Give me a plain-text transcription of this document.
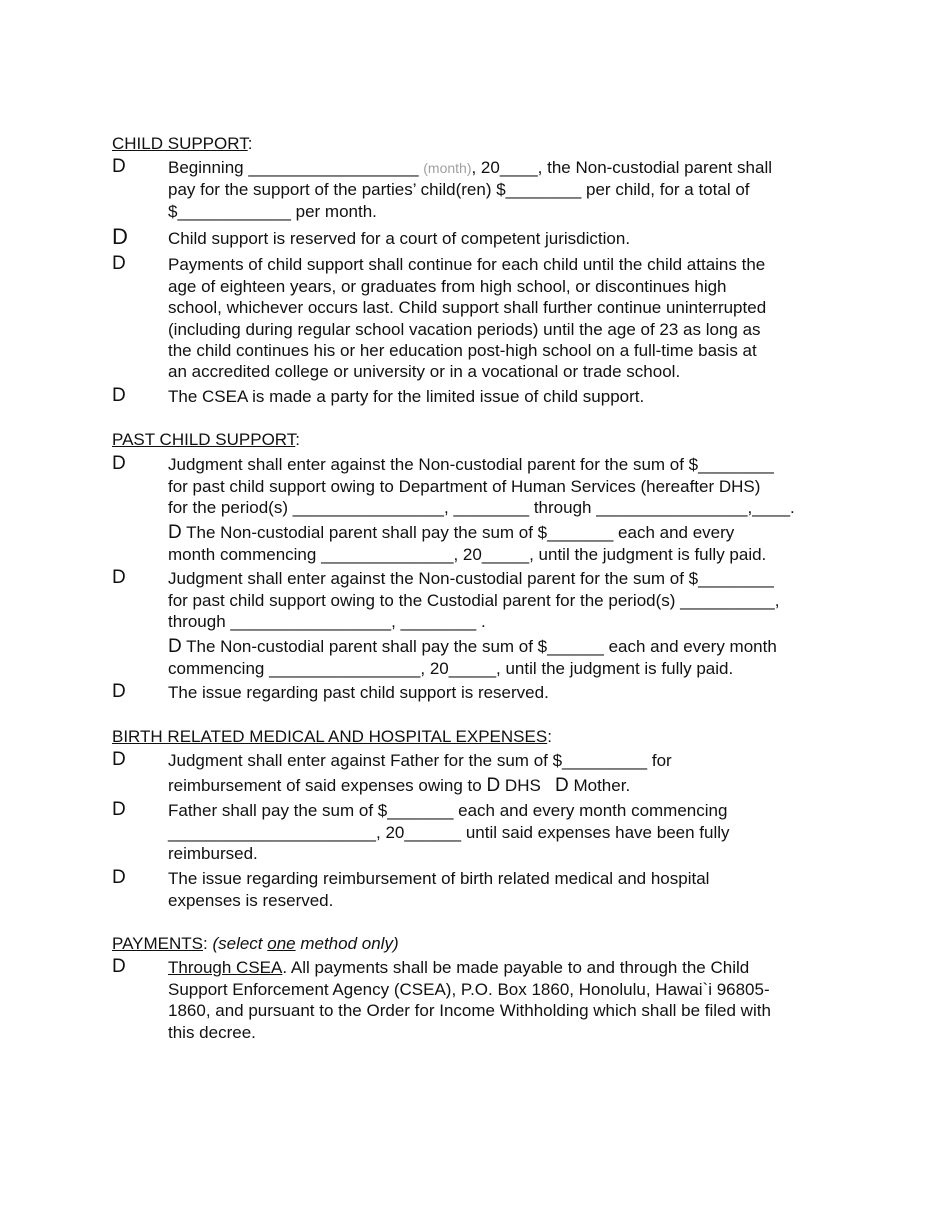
CHILD SUPPORT:
D Beginning __________________ (month), 20____, the Non-custodial parent shall
pay for the support of the parties’ child(ren) $________ per child, for a total of
$____________ per month.
D Child support is reserved for a court of competent jurisdiction.
D Payments of child support shall continue for each child until the child attains the
age of eighteen years, or graduates from high school, or discontinues high
school, whichever occurs last. Child support shall further continue uninterrupted
(including during regular school vacation periods) until the age of 23 as long as
the child continues his or her education post-high school on a full-time basis at
an accredited college or university or in a vocational or trade school.
D The CSEA is made a party for the limited issue of child support.
PAST CHILD SUPPORT:
D Judgment shall enter against the Non-custodial parent for the sum of $________
for past child support owing to Department of Human Services (hereafter DHS)
for the period(s) ________________, ________ through ________________,____.
D The Non-custodial parent shall pay the sum of $_______ each and every
month commencing ______________, 20_____, until the judgment is fully paid.
D Judgment shall enter against the Non-custodial parent for the sum of $________
for past child support owing to the Custodial parent for the period(s) __________,
through _________________, ________ .
D The Non-custodial parent shall pay the sum of $______ each and every month
commencing ________________, 20_____, until the judgment is fully paid.
D The issue regarding past child support is reserved.
BIRTH RELATED MEDICAL AND HOSPITAL EXPENSES:
D Judgment shall enter against Father for the sum of $_________ for
reimbursement of said expenses owing to D DHS D Mother.
D Father shall pay the sum of $_______ each and every month commencing
______________________, 20______ until said expenses have been fully
reimbursed.
D The issue regarding reimbursement of birth related medical and hospital
expenses is reserved.
PAYMENTS: (select one method only)
D Through CSEA. All payments shall be made payable to and through the Child
Support Enforcement Agency (CSEA), P.O. Box 1860, Honolulu, Hawai`i 96805-
1860, and pursuant to the Order for Income Withholding which shall be filed with
this decree.
